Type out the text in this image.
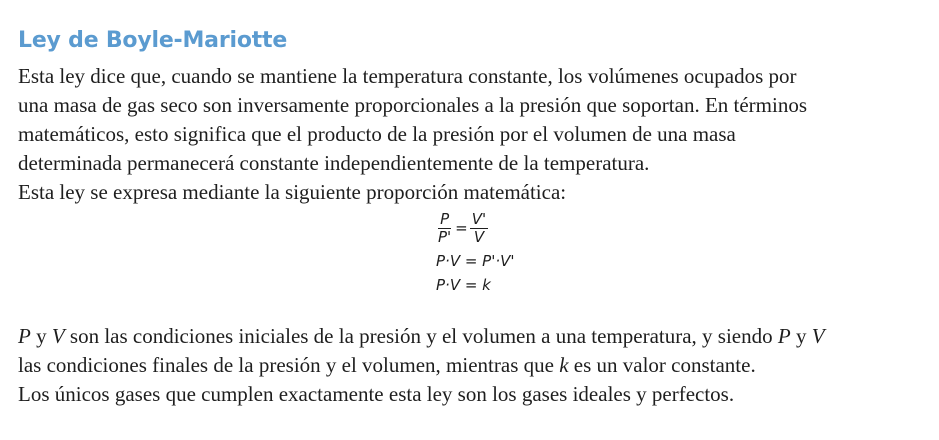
Ley de Boyle-Mariotte

Esta ley dice que, cuando se mantiene la temperatura constante, los volúmenes ocupados por
una masa de gas seco son inversamente proporcionales a la presión que soportan. En términos
matemáticos, esto significa que el producto de la presión por el volumen de una masa
determinada permanecerá constante independientemente de la temperatura.
Esta ley se expresa mediante la siguiente proporción matemática:

$\frac{P}{P'} = \frac{V'}{V}$
P·V = P'·V'
P·V = k

P y V son las condiciones iniciales de la presión y el volumen a una temperatura, y siendo P y V
las condiciones finales de la presión y el volumen, mientras que k es un valor constante.
Los únicos gases que cumplen exactamente esta ley son los gases ideales y perfectos.
